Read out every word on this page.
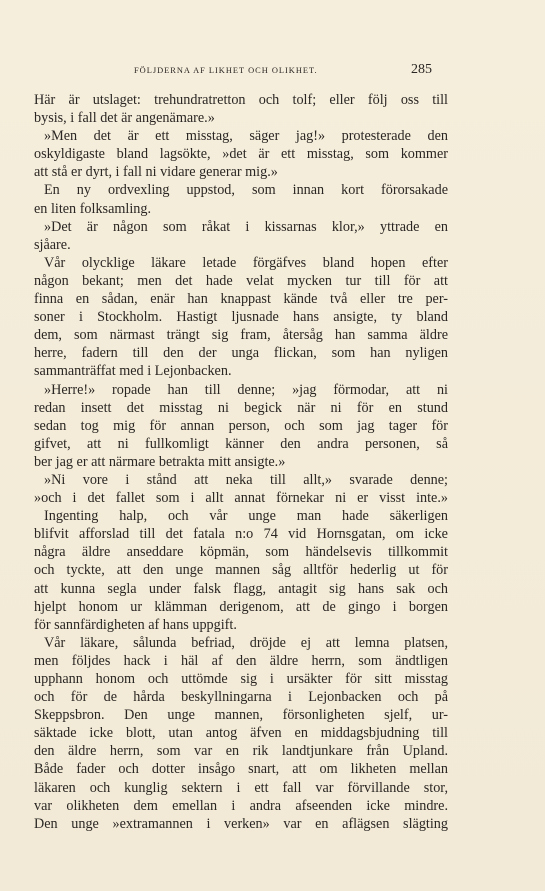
FÖLJDERNA AF LIKHET OCH OLIKHET.	285
Här är utslaget: trehundratretton och tolf; eller följ oss till
bysis, i fall det är angenämare.»
»Men det är ett misstag, säger jag!» protesterade den
oskyldigaste bland lagsökte, »det är ett misstag, som kommer
att stå er dyrt, i fall ni vidare generar mig.»
En ny ordvexling uppstod, som innan kort förorsakade
en liten folksamling.
»Det är någon som råkat i kissarnas klor,» yttrade en
sjåare.
Vår olycklige läkare letade förgäfves bland hopen efter
någon bekant; men det hade velat mycken tur till för att
finna en sådan, enär han knappast kände två eller tre per-
soner i Stockholm. Hastigt ljusnade hans ansigte, ty bland
dem, som närmast trängt sig fram, återsåg han samma äldre
herre, fadern till den der unga flickan, som han nyligen
sammanträffat med i Lejonbacken.
»Herre!» ropade han till denne; »jag förmodar, att ni
redan insett det misstag ni begick när ni för en stund
sedan tog mig för annan person, och som jag tager för
gifvet, att ni fullkomligt känner den andra personen, så
ber jag er att närmare betrakta mitt ansigte.»
»Ni vore i stånd att neka till allt,» svarade denne;
»och i det fallet som i allt annat förnekar ni er visst inte.»
Ingenting halp, och vår unge man hade säkerligen
blifvit afforslad till det fatala n:o 74 vid Hornsgatan, om icke
några äldre anseddare köpmän, som händelsevis tillkommit
och tyckte, att den unge mannen såg alltför hederlig ut för
att kunna segla under falsk flagg, antagit sig hans sak och
hjelpt honom ur klämman derigenom, att de gingo i borgen
för sannfärdigheten af hans uppgift.
Vår läkare, sålunda befriad, dröjde ej att lemna platsen,
men följdes hack i häl af den äldre herrn, som ändtligen
upphann honom och uttömde sig i ursäkter för sitt misstag
och för de hårda beskyllningarna i Lejonbacken och på
Skeppsbron. Den unge mannen, försonligheten sjelf, ur-
säktade icke blott, utan antog äfven en middagsbjudning till
den äldre herrn, som var en rik landtjunkare från Upland.
Både fader och dotter insågo snart, att om likheten mellan
läkaren och kunglig sektern i ett fall var förvillande stor,
var olikheten dem emellan i andra afseenden icke mindre.
Den unge »extramannen i verken» var en aflägsen slägting
